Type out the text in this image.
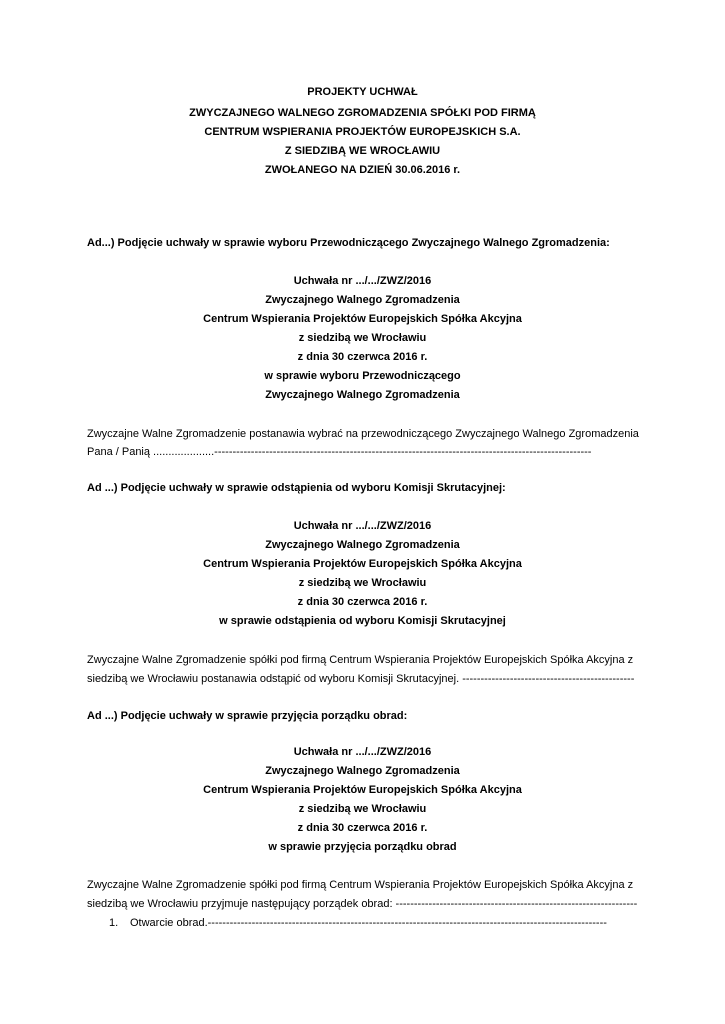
PROJEKTY UCHWAŁ
ZWYCZAJNEGO WALNEGO ZGROMADZENIA SPÓŁKI POD FIRMĄ
CENTRUM WSPIERANIA PROJEKTÓW EUROPEJSKICH S.A.
Z SIEDZIBĄ WE WROCŁAWIU
ZWOŁANEGO NA DZIEŃ 30.06.2016 r.
Ad...) Podjęcie uchwały w sprawie wyboru Przewodniczącego Zwyczajnego Walnego Zgromadzenia:
Uchwała nr .../.../ZWZ/2016
Zwyczajnego Walnego Zgromadzenia
Centrum Wspierania Projektów Europejskich Spółka Akcyjna
z siedzibą we Wrocławiu
z dnia 30 czerwca 2016 r.
w sprawie wyboru Przewodniczącego
Zwyczajnego Walnego Zgromadzenia
Zwyczajne Walne Zgromadzenie postanawia wybrać na przewodniczącego Zwyczajnego Walnego Zgromadzenia
Pana / Panią ....................-------------------------------------------------------------------------------------------------------
Ad ...) Podjęcie uchwały w sprawie odstąpienia od wyboru Komisji Skrutacyjnej:
Uchwała nr .../.../ZWZ/2016
Zwyczajnego Walnego Zgromadzenia
Centrum Wspierania Projektów Europejskich Spółka Akcyjna
z siedzibą we Wrocławiu
z dnia 30 czerwca 2016 r.
w sprawie odstąpienia od wyboru Komisji Skrutacyjnej
Zwyczajne Walne Zgromadzenie spółki pod firmą Centrum Wspierania Projektów Europejskich Spółka Akcyjna z
siedzibą we Wrocławiu postanawia odstąpić od wyboru Komisji Skrutacyjnej. -----------------------------------------------
Ad ...) Podjęcie uchwały w sprawie przyjęcia porządku obrad:
Uchwała nr .../.../ZWZ/2016
Zwyczajnego Walnego Zgromadzenia
Centrum Wspierania Projektów Europejskich Spółka Akcyjna
z siedzibą we Wrocławiu
z dnia 30 czerwca 2016 r.
w sprawie przyjęcia porządku obrad
Zwyczajne Walne Zgromadzenie spółki pod firmą Centrum Wspierania Projektów Europejskich Spółka Akcyjna z
siedzibą we Wrocławiu przyjmuje następujący porządek obrad: ------------------------------------------------------------------
1. Otwarcie obrad.-------------------------------------------------------------------------------------------------------------
